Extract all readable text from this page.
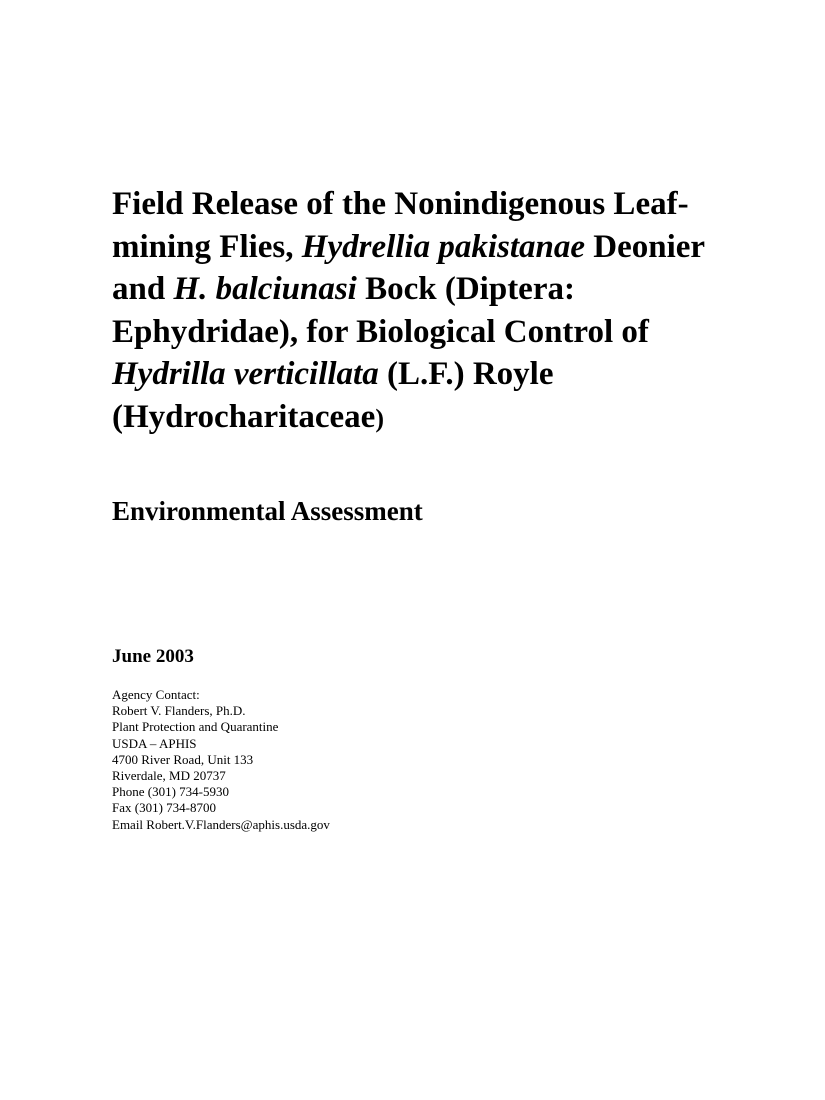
Field Release of the Nonindigenous Leaf-
mining Flies, Hydrellia pakistanae Deonier
and H. balciunasi Bock (Diptera:
Ephydridae), for Biological Control of
Hydrilla verticillata (L.F.) Royle
(Hydrocharitaceae)
Environmental Assessment

June 2003

Agency Contact:
Robert V. Flanders, Ph.D.
Plant Protection and Quarantine
USDA – APHIS
4700 River Road, Unit 133
Riverdale, MD 20737
Phone (301) 734-5930
Fax (301) 734-8700
Email Robert.V.Flanders@aphis.usda.gov
